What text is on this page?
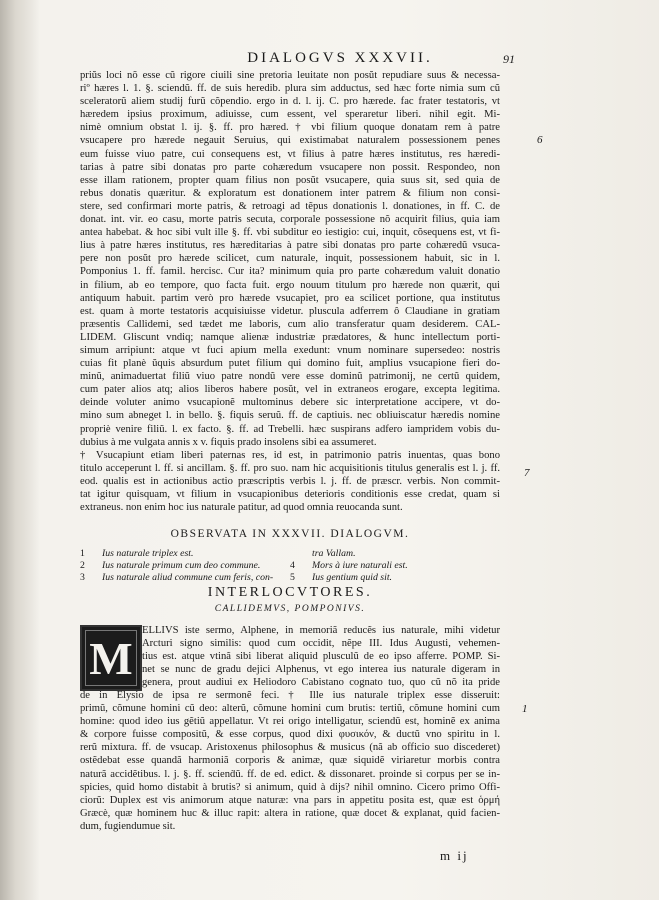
DIALOGVS XXXVII.	91
priŭs loci nõ esse cũ rigore ciuili sine pretoria leuitate non posŭt repudiare suus & necessa-
riº hæres l. 1. §. sciendũ. ff. de suis heredib. plura sim adductus, sed hæc forte nimia sum cũ
sceleratorũ aliem studij furũ cõpendio. ergo in d. l. ij. C. pro hærede. fac frater testatoris, vt
hæredem ipsius proximum, adiuisse, cum essent, vel speraretur liberi. nihil egit. Mi-
nimè omnium obstat l. ij. §. ff. pro hæred. † vbi filium quoque donatam rem à patre
vsucapere pro hærede negauit Seruius, qui existimabat naturalem possessionem penes
eum fuisse viuo patre, cui consequens est, vt filius à patre hæres institutus, res hæredi-
tarias à patre sibi donatas pro parte cohæredum vsucapere non possit. Respondeo, non
esse illam rationem, propter quam filius non posŭt vsucapere, quia suus sit, sed quia de
rebus donatis quæritur. & exploratum est donationem inter patrem & filium non consi-
stere, sed confirmari morte patris, & retroagi ad tẽpus donationis l. donationes, in ff. C. de
donat. int. vir. eo casu, morte patris secuta, corporale possessione nõ acquirit filius, quia iam
antea habebat. & hoc sibi vult ille §. ff. vbi subditur eo iestigio: cui, inquit, cõsequens est, vt fi-
lius à patre hæres institutus, res hæreditarias à patre sibi donatas pro parte cohæredũ vsuca-
pere non posŭt pro hærede scilicet, cum naturale, inquit, possessionem habuit, sic in l.
Pomponius 1. ff. famil. hercisc. Cur ita? minimum quia pro parte cohæredum valuit donatio
in filium, ab eo tempore, quo facta fuit. ergo nouum titulum pro hærede non quærit, qui
antiquum habuit. partim verò pro hærede vsucapiet, pro ea scilicet portione, qua institutus
est. quam à morte testatoris acquisiuisse videtur. pluscula adferrem ô Claudiane in gratiam
præsentis Callidemi, sed tædet me laboris, cum alio transferatur quam desiderem. CAL-
LIDEM. Gliscunt vndiq; namque alienæ industriæ prædatores, & hunc intellectum porti-
simum arripiunt: atque vt fuci apium mella exedunt: vnum nominare supersedeo: nostris
cuias fit planè ŭquis absurdum putet filium qui domino fuit, amplius vsucapione fieri do-
minũ, animaduertat filiũ viuo patre nondũ vere esse dominũ patrimonij, ne certũ quidem,
cum pater alios atq; alios liberos habere posŭt, vel in extraneos erogare, excepta legitima.
deinde voluter animo vsucapionẽ multominus debere sic interpretatione accipere, vt do-
mino sum abneget l. in bello. §. fiquis seruũ. ff. de captiuis. nec obliuiscatur hæredis nomine
propriè venire filiũ. l. ex facto. §. ff. ad Trebelli. hæc suspirans adfero iampridem vobis du-
dubius à me vulgata annis x v. fiquis prado insolens sibi ea assumeret.
† Vsucapiunt etiam liberi paternas res, id est, in patrimonio patris inuentas, quas bono
titulo acceperunt l. ff. si ancillam. §. ff. pro suo. nam hic acquisitionis titulus generalis est l. j. ff.
eod. qualis est in actionibus actio præscriptis verbis l. j. ff. de præscr. verbis. Non commit-
tat igitur quisquam, vt filium in vsucapionibus deterioris conditionis esse credat, quam si
extraneus. non enim hoc ius naturale patitur, ad quod omnia reuocanda sunt.
6
7
1
OBSERVATA IN XXXVII. DIALOGVM.
1 Ius naturale triplex est.	tra Vallam.
2 Ius naturale primum cum deo commune.	4 Mors à iure naturali est.
3 Ius naturale aliud commune cum feris, con-	5 Ius gentium quid sit.
INTERLOCVTORES.
CALLIDEMVS, POMPONIVS.
M
ELLIVS iste sermo, Alphene, in memoriã reducẽs ius naturale, mihi videtur
Arcturi signo similis: quod cum occidit, nẽpe III. Idus Augusti, vehemen-
tius est. atque vtinã sibi liberat aliquid plusculũ de eo ipso afferre. POMP. Si-
net se nunc de gradu dejici Alphenus, vt ego interea ius naturale digeram in
genera, prout audiui ex Heliodoro Cabistano cognato tuo, quo cũ nõ ita pride
de in Elysio de ipsa re sermonẽ feci. † Ille ius naturale triplex esse disseruit:
primũ, cõmune homini cũ deo: alterũ, cõmune homini cum brutis: tertiũ, cõmune homini cum
homine: quod ideo ius gẽtiũ appellatur. Vt rei origo intelligatur, sciendũ est, hominẽ ex anima
& corpore fuisse compositũ, & esse corpus, quod dixi φυσικόν, & ductũ vno spiritu in l.
rerũ mixtura. ff. de vsucap. Aristoxenus philosophus & musicus (nã ab officio suo discederet)
ostẽdebat esse quandã harmoniã corporis & animæ, quæ siquidẽ viriaretur morbis contra
naturã accidẽtibus. l. j. §. ff. scienḋũ. ff. de ed. edict. & dissonaret. proinde si corpus per se in-
spicies, quid homo distabit à brutis? si animum, quid à dijs? nihil omnino. Cicero primo Offi-
ciorũ: Duplex est vis animorum atque naturæ: vna pars in appetitu posita est, quæ est ὁρμή
Græcè, quæ hominem huc & illuc rapit: altera in ratione, quæ docet & explanat, quid facien-
dum, fugiendumue sit.
m ij
